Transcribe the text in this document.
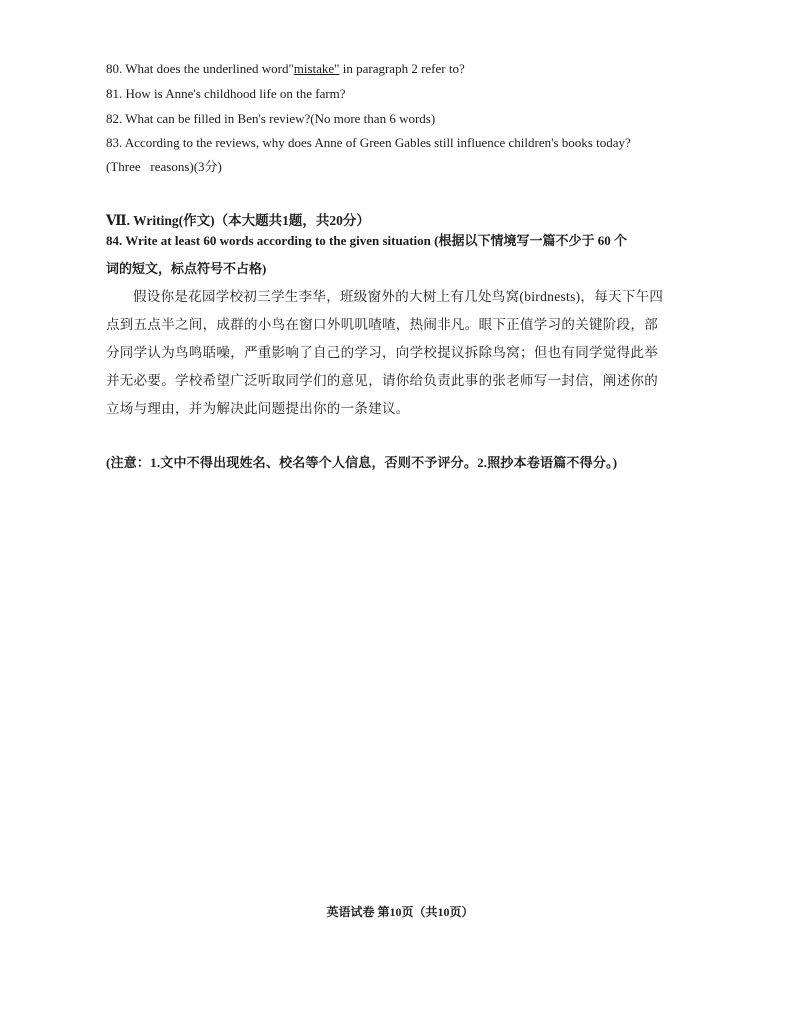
80. What does the underlined word"mistake" in paragraph 2 refer to?
81. How is Anne's childhood life on the farm?
82. What can be filled in Ben's review?(No more than 6 words)
83. According to the reviews, why does Anne of Green Gables still influence children's books today?
(Three   reasons)(3分)
Ⅶ. Writing(作文)（本大题共1题，共20分）
84. Write at least 60 words according to the given situation (根据以下情境写一篇不少于 60 个
词的短文，标点符号不占格)
假设你是花园学校初三学生李华，班级窗外的大树上有几处鸟窝(birdnests)，每天下午四点到五点半之间，成群的小鸟在窗口外叽叽喳喳，热闹非凡。眼下正值学习的关键阶段，部分同学认为鸟鸣聒噪，严重影响了自己的学习，向学校提议拆除鸟窝；但也有同学觉得此举并无必要。学校希望广泛听取同学们的意见，请你给负责此事的张老师写一封信，阐述你的立场与理由，并为解决此问题提出你的一条建议。
(注意：1.文中不得出现姓名、校名等个人信息，否则不予评分。2.照抄本卷语篇不得分。)
英语试卷 第10页（共10页）
